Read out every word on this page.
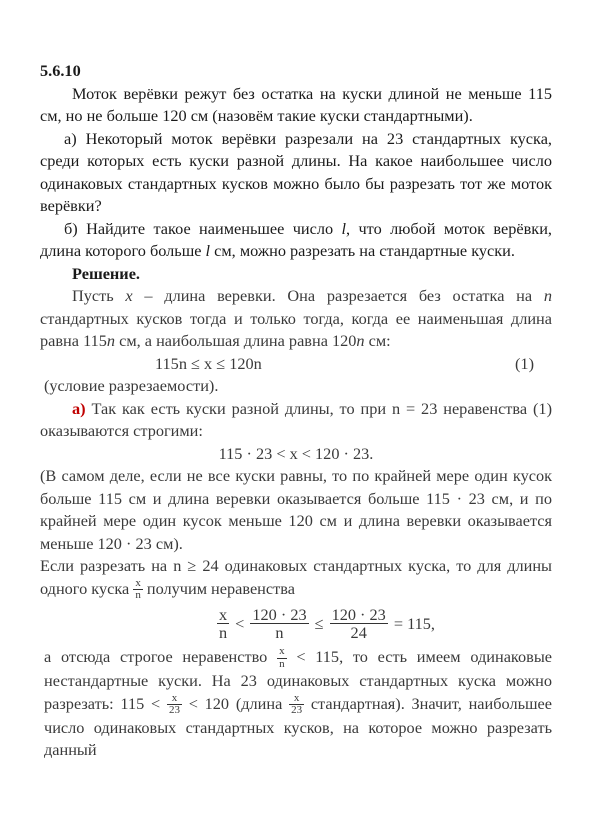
5.6.10

Моток верёвки режут без остатка на куски длиной не меньше 115 см, но не больше 120 см (назовём такие куски стандартными).

а) Некоторый моток верёвки разрезали на 23 стандартных куска, среди которых есть куски разной длины. На какое наибольшее число одинаковых стандартных кусков можно было бы разрезать тот же моток верёвки?

б) Найдите такое наименьшее число l, что любой моток верёвки, длина которого больше l см, можно разрезать на стандартные куски.

Решение.

Пусть x – длина веревки. Она разрезается без остатка на n стандартных кусков тогда и только тогда, когда ее наименьшая длина равна 115n см, а наибольшая длина равна 120n см:

115n ≤ x ≤ 120n	(1)

(условие разрезаемости).

а) Так как есть куски разной длины, то при n = 23 неравенства (1) оказываются строгими:

115 · 23 < x < 120 · 23.

(В самом деле, если не все куски равны, то по крайней мере один кусок больше 115 см и длина веревки оказывается больше 115 · 23 см, и по крайней мере один кусок меньше 120 см и длина веревки оказывается меньше 120 · 23 см).

Если разрезать на n ≥ 24 одинаковых стандартных куска, то для длины одного куска $\frac{x}{n}$ получим неравенства

$\frac{x}{n} < \frac{120 \cdot 23}{n} \le \frac{120 \cdot 23}{24} = 115$,

а отсюда строгое неравенство $\frac{x}{n} < 115$, то есть имеем одинаковые нестандартные куски. На 23 одинаковых стандартных куска можно разрезать: $115 < \frac{x}{23} < 120$ (длина $\frac{x}{23}$ стандартная). Значит, наибольшее число одинаковых стандартных кусков, на которое можно разрезать данный
